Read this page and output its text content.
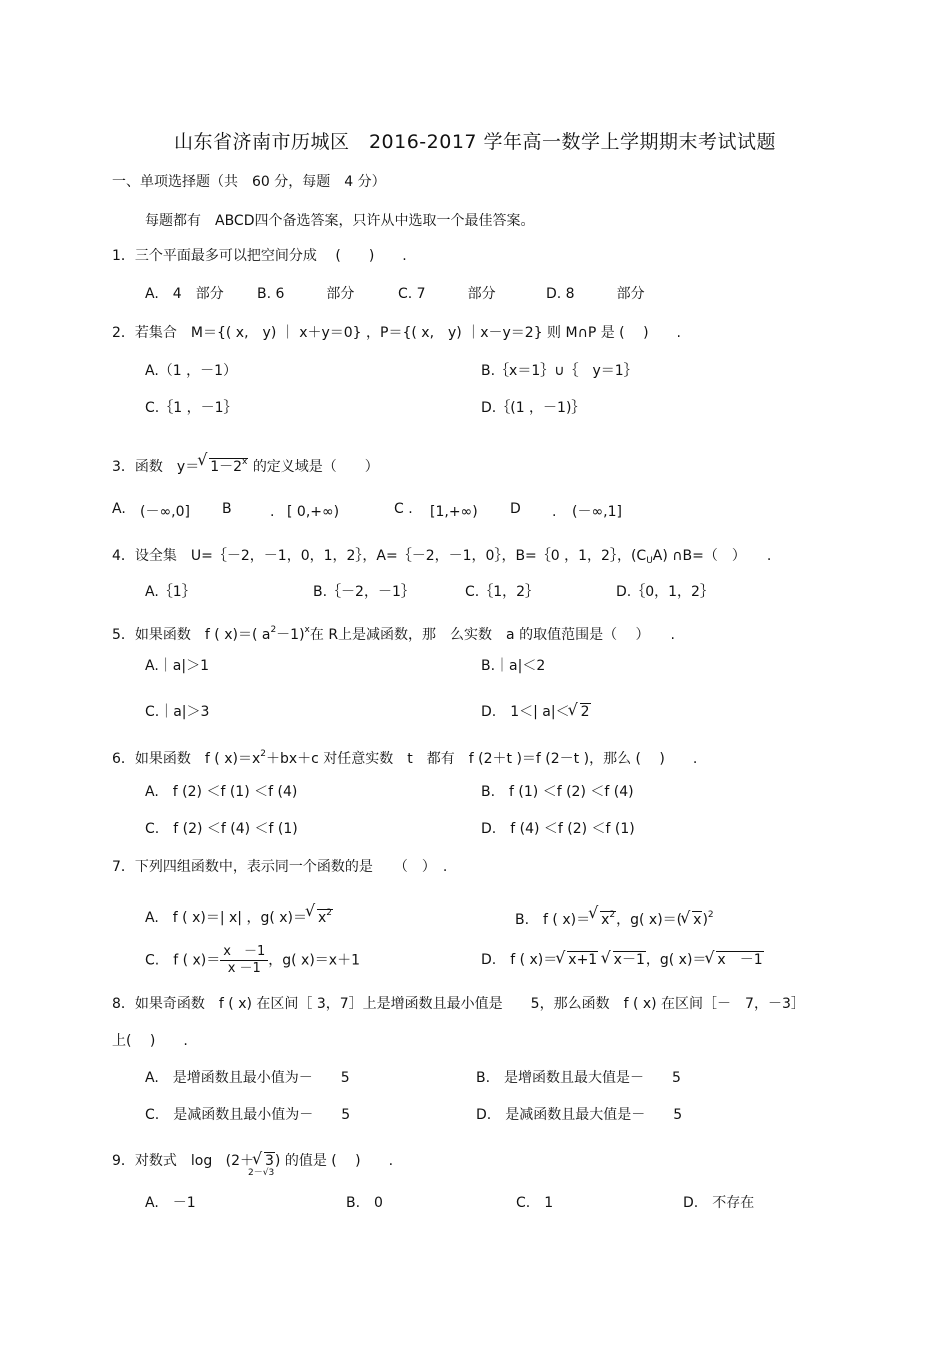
山东省济南市历城区　2016-2017 学年高一数学上学期期末考试试题
一、单项选择题（共　60 分，每题　4 分）
每题都有　ABCD四个备选答案，只许从中选取一个最佳答案。
1．三个平面最多可以把空间分成　 (　　)　　.
A.　4　部分 B. 6　　　部分	C. 7　　　部分	D. 8　　　部分
2．若集合　M＝{( x,　y) ｜ x＋y＝0} ，P＝{( x,　y) ｜x－y＝2} 则 M∩P 是 (　 )　　.
A.（1 ，－1）	B.｛x＝1｝∪｛　y＝1｝
C.｛1 ，－1｝	D.｛(1 ，－1)｝
3．函数　y＝ √ $1-2^x$ 的定义域是（　　）
A. (－∞,0] B	. [ 0,+∞)	C . [1,+∞) D . (－∞,1]
4．设全集　U=｛－2，－1，0，1，2｝，A=｛－2，－1，0｝，B=｛0 ，1，2｝，$(C_UA)$ ∩B=（　）　　.
A.｛1｝	B.｛－2，－1｝	C.｛1，2｝	D.｛0，1，2｝
5．如果函数　f ( x)＝( $a^2-1)^x$在 R上是减函数，那　么实数　a 的取值范围是（　 ）　　.
A.｜a|＞1	B.｜a|＜2
C.｜a|＞3	D.　1＜| a|＜ √ 2
6．如果函数　f ( $x)=x^2+bx+c$ 对任意实数　t　都有　f (2＋t )＝f (2－t )，那么 (　 )　　.
A.　f (2) ＜f (1) ＜f (4)	B.　f (1) ＜f (2) ＜f (4)
C.　f (2) ＜f (4) ＜f (1)	D.　f (4) ＜f (2) ＜f (1)
7．下列四组函数中，表示同一个函数的是　　（　）　.
A.　f ( x)＝| x| ，g( x)＝ √ $x^2$	B.　f ( x)＝ √ $x^2$，g( x)＝( √ x)$^2$
C.　f ( $x)= \frac{x -1}{x -1}$ ，g( x)＝x＋1	D.　f ( x)＝ √ x+1 √ x－1，g( x)＝ √ x　－1
8．如果奇函数　f ( x) 在区间［ 3，7］上是增函数且最小值是　　5，那么函数　f ( x) 在区间［－　7，－3］
上(　 )　　.
A.　是增函数且最小值为－　　5	B.　是增函数且最大值是－　　5
C.　是减函数且最小值为－　　5	D.　是减函数且最大值是－　　5
9．对数式　log (2＋ √ 3) 的值是 (　 )　　.
2－√3
A.　－1	B.　0	C.　1	D.　不存在
